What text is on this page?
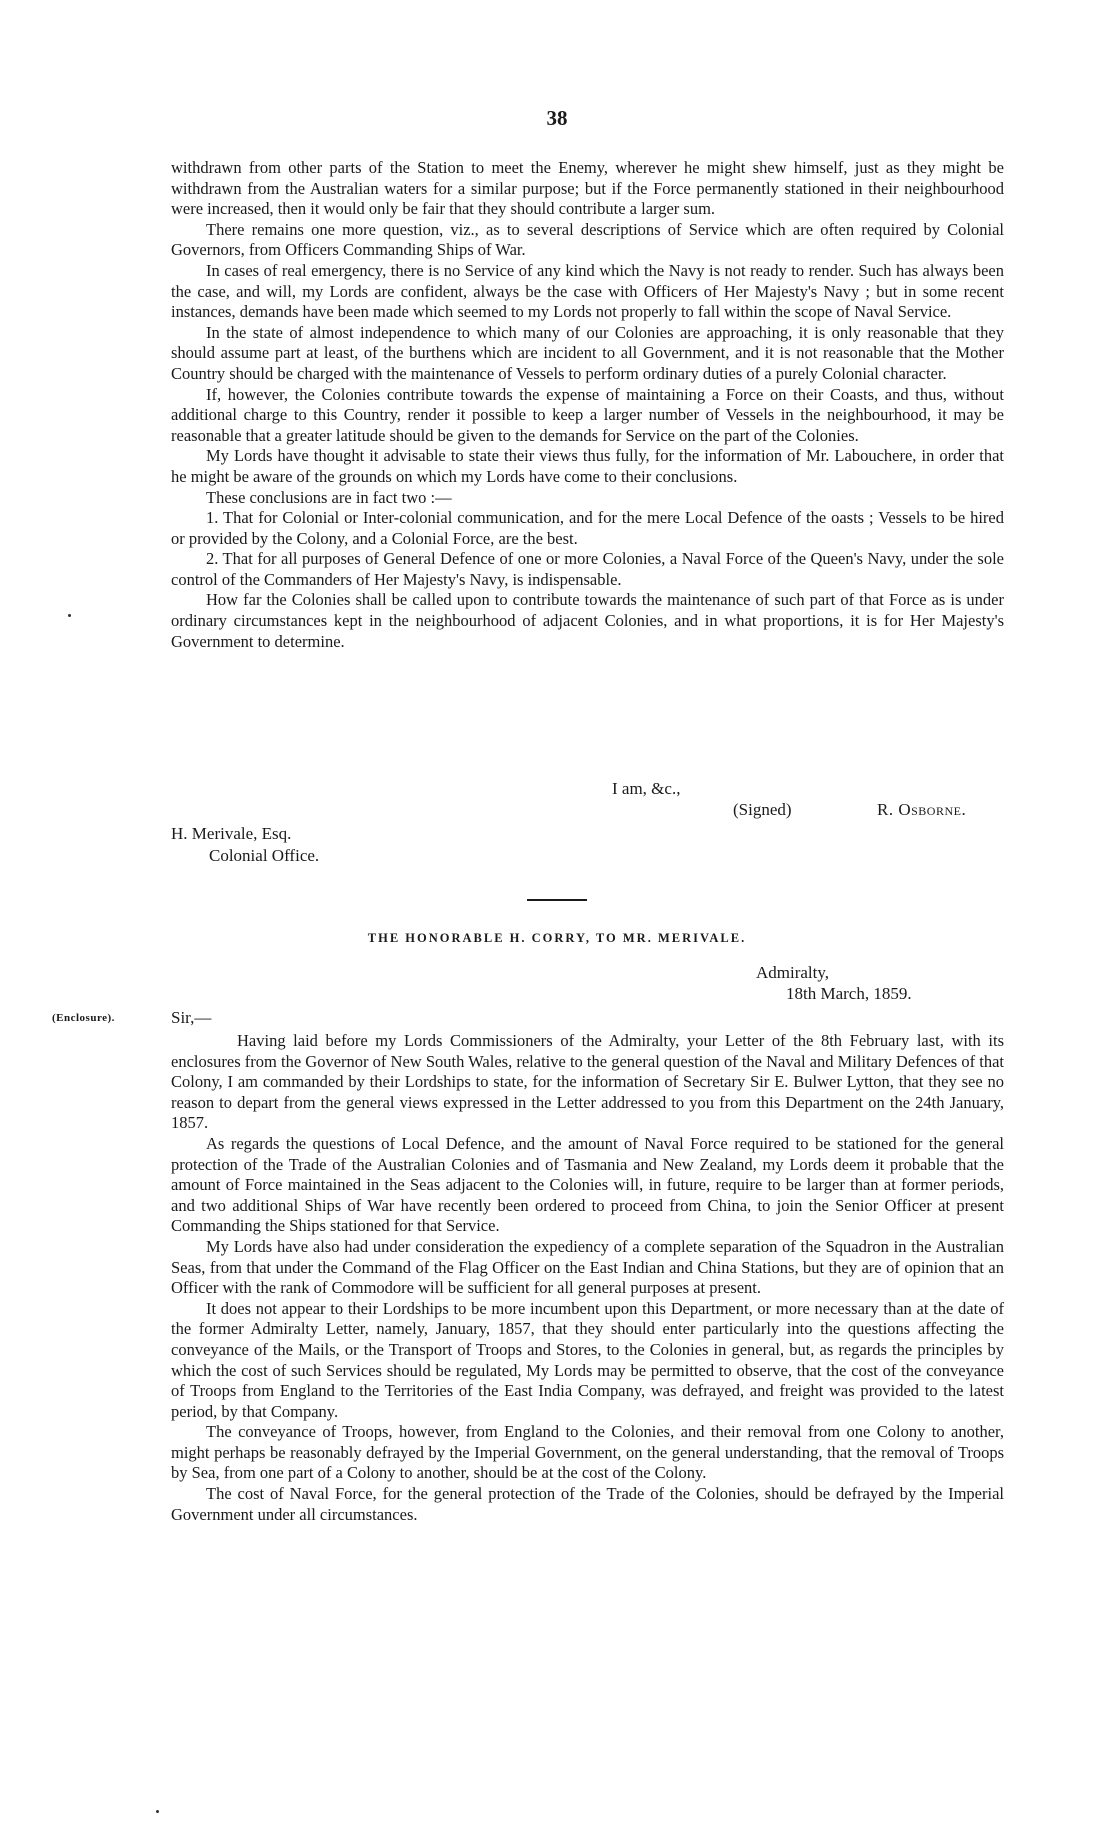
38

withdrawn from other parts of the Station to meet the Enemy, wherever he might shew himself, just as they might be withdrawn from the Australian waters for a similar purpose; but if the Force permanently stationed in their neighbourhood were increased, then it would only be fair that they should contribute a larger sum.

There remains one more question, viz., as to several descriptions of Service which are often required by Colonial Governors, from Officers Commanding Ships of War.

In cases of real emergency, there is no Service of any kind which the Navy is not ready to render. Such has always been the case, and will, my Lords are confident, always be the case with Officers of Her Majesty's Navy ; but in some recent instances, demands have been made which seemed to my Lords not properly to fall within the scope of Naval Service.

In the state of almost independence to which many of our Colonies are approaching, it is only reasonable that they should assume part at least, of the burthens which are incident to all Government, and it is not reasonable that the Mother Country should be charged with the maintenance of Vessels to perform ordinary duties of a purely Colonial character.

If, however, the Colonies contribute towards the expense of maintaining a Force on their Coasts, and thus, without additional charge to this Country, render it possible to keep a larger number of Vessels in the neighbourhood, it may be reasonable that a greater latitude should be given to the demands for Service on the part of the Colonies.

My Lords have thought it advisable to state their views thus fully, for the information of Mr. Labouchere, in order that he might be aware of the grounds on which my Lords have come to their conclusions.

These conclusions are in fact two :—

1. That for Colonial or Inter-colonial communication, and for the mere Local Defence of the oasts ; Vessels to be hired or provided by the Colony, and a Colonial Force, are the best.

2. That for all purposes of General Defence of one or more Colonies, a Naval Force of the Queen's Navy, under the sole control of the Commanders of Her Majesty's Navy, is indispensable.

How far the Colonies shall be called upon to contribute towards the maintenance of such part of that Force as is under ordinary circumstances kept in the neighbourhood of adjacent Colonies, and in what proportions, it is for Her Majesty's Government to determine.

I am, &c.,
(Signed)	R. Osborne.
H. Merivale, Esq.
Colonial Office.
THE HONORABLE H. CORRY, TO MR. MERIVALE.
Admiralty,
18th March, 1859.
(Enclosure).	Sir,—

Having laid before my Lords Commissioners of the Admiralty, your Letter of the 8th February last, with its enclosures from the Governor of New South Wales, relative to the general question of the Naval and Military Defences of that Colony, I am commanded by their Lordships to state, for the information of Secretary Sir E. Bulwer Lytton, that they see no reason to depart from the general views expressed in the Letter addressed to you from this Department on the 24th January, 1857.

As regards the questions of Local Defence, and the amount of Naval Force required to be stationed for the general protection of the Trade of the Australian Colonies and of Tasmania and New Zealand, my Lords deem it probable that the amount of Force maintained in the Seas adjacent to the Colonies will, in future, require to be larger than at former periods, and two additional Ships of War have recently been ordered to proceed from China, to join the Senior Officer at present Commanding the Ships stationed for that Service.

My Lords have also had under consideration the expediency of a complete separation of the Squadron in the Australian Seas, from that under the Command of the Flag Officer on the East Indian and China Stations, but they are of opinion that an Officer with the rank of Commodore will be sufficient for all general purposes at present.

It does not appear to their Lordships to be more incumbent upon this Department, or more necessary than at the date of the former Admiralty Letter, namely, January, 1857, that they should enter particularly into the questions affecting the conveyance of the Mails, or the Transport of Troops and Stores, to the Colonies in general, but, as regards the principles by which the cost of such Services should be regulated, My Lords may be permitted to observe, that the cost of the conveyance of Troops from England to the Territories of the East India Company, was defrayed, and freight was provided to the latest period, by that Company.

The conveyance of Troops, however, from England to the Colonies, and their removal from one Colony to another, might perhaps be reasonably defrayed by the Imperial Government, on the general understanding, that the removal of Troops by Sea, from one part of a Colony to another, should be at the cost of the Colony.

The cost of Naval Force, for the general protection of the Trade of the Colonies, should be defrayed by the Imperial Government under all circumstances.
